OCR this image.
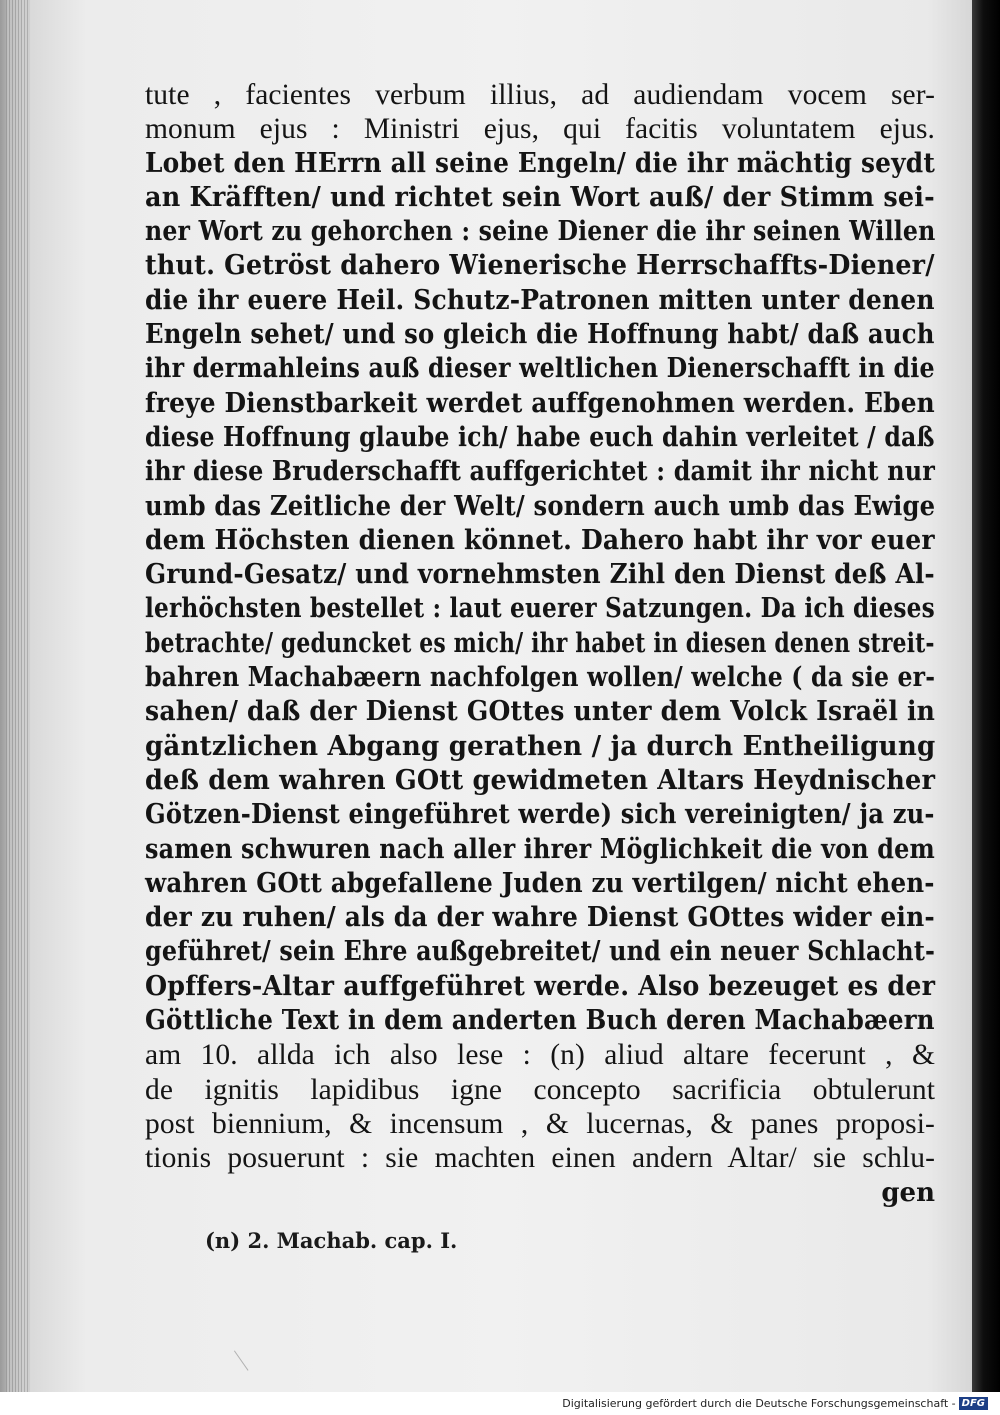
tute , facientes verbum illius, ad audiendam vocem ser-
monum ejus : Ministri ejus, qui facitis voluntatem ejus.
Lobet den HErrn all seine Engeln/ die ihr mächtig seydt
an Kräfften/ und richtet sein Wort auß/ der Stimm sei-
ner Wort zu gehorchen : seine Diener die ihr seinen Willen
thut. Getröst dahero Wienerische Herrschaffts-Diener/
die ihr euere Heil. Schutz-Patronen mitten unter denen
Engeln sehet/ und so gleich die Hoffnung habt/ daß auch
ihr dermahleins auß dieser weltlichen Dienerschafft in die
freye Dienstbarkeit werdet auffgenohmen werden. Eben
diese Hoffnung glaube ich/ habe euch dahin verleitet / daß
ihr diese Bruderschafft auffgerichtet : damit ihr nicht nur
umb das Zeitliche der Welt/ sondern auch umb das Ewige
dem Höchsten dienen könnet. Dahero habt ihr vor euer
Grund-Gesatz/ und vornehmsten Zihl den Dienst deß Al-
lerhöchsten bestellet : laut euerer Satzungen. Da ich dieses
betrachte/ geduncket es mich/ ihr habet in diesen denen streit-
bahren Machabæern nachfolgen wollen/ welche ( da sie er-
sahen/ daß der Dienst GOttes unter dem Volck Israël in
gäntzlichen Abgang gerathen / ja durch Entheiligung
deß dem wahren GOtt gewidmeten Altars Heydnischer
Götzen-Dienst eingeführet werde) sich vereinigten/ ja zu-
samen schwuren nach aller ihrer Möglichkeit die von dem
wahren GOtt abgefallene Juden zu vertilgen/ nicht ehen-
der zu ruhen/ als da der wahre Dienst GOttes wider ein-
geführet/ sein Ehre außgebreitet/ und ein neuer Schlacht-
Opffers-Altar auffgeführet werde. Also bezeuget es der
Göttliche Text in dem anderten Buch deren Machabæern
am 10. allda ich also lese : (n) aliud altare fecerunt , &
de ignitis lapidibus igne concepto sacrificia obtulerunt
post biennium, & incensum , & lucernas, & panes proposi-
tionis posuerunt : sie machten einen andern Altar/ sie schlu-
gen
(n) 2. Machab. cap. I.
Digitalisierung gefördert durch die Deutsche Forschungsgemeinschaft - DFG
